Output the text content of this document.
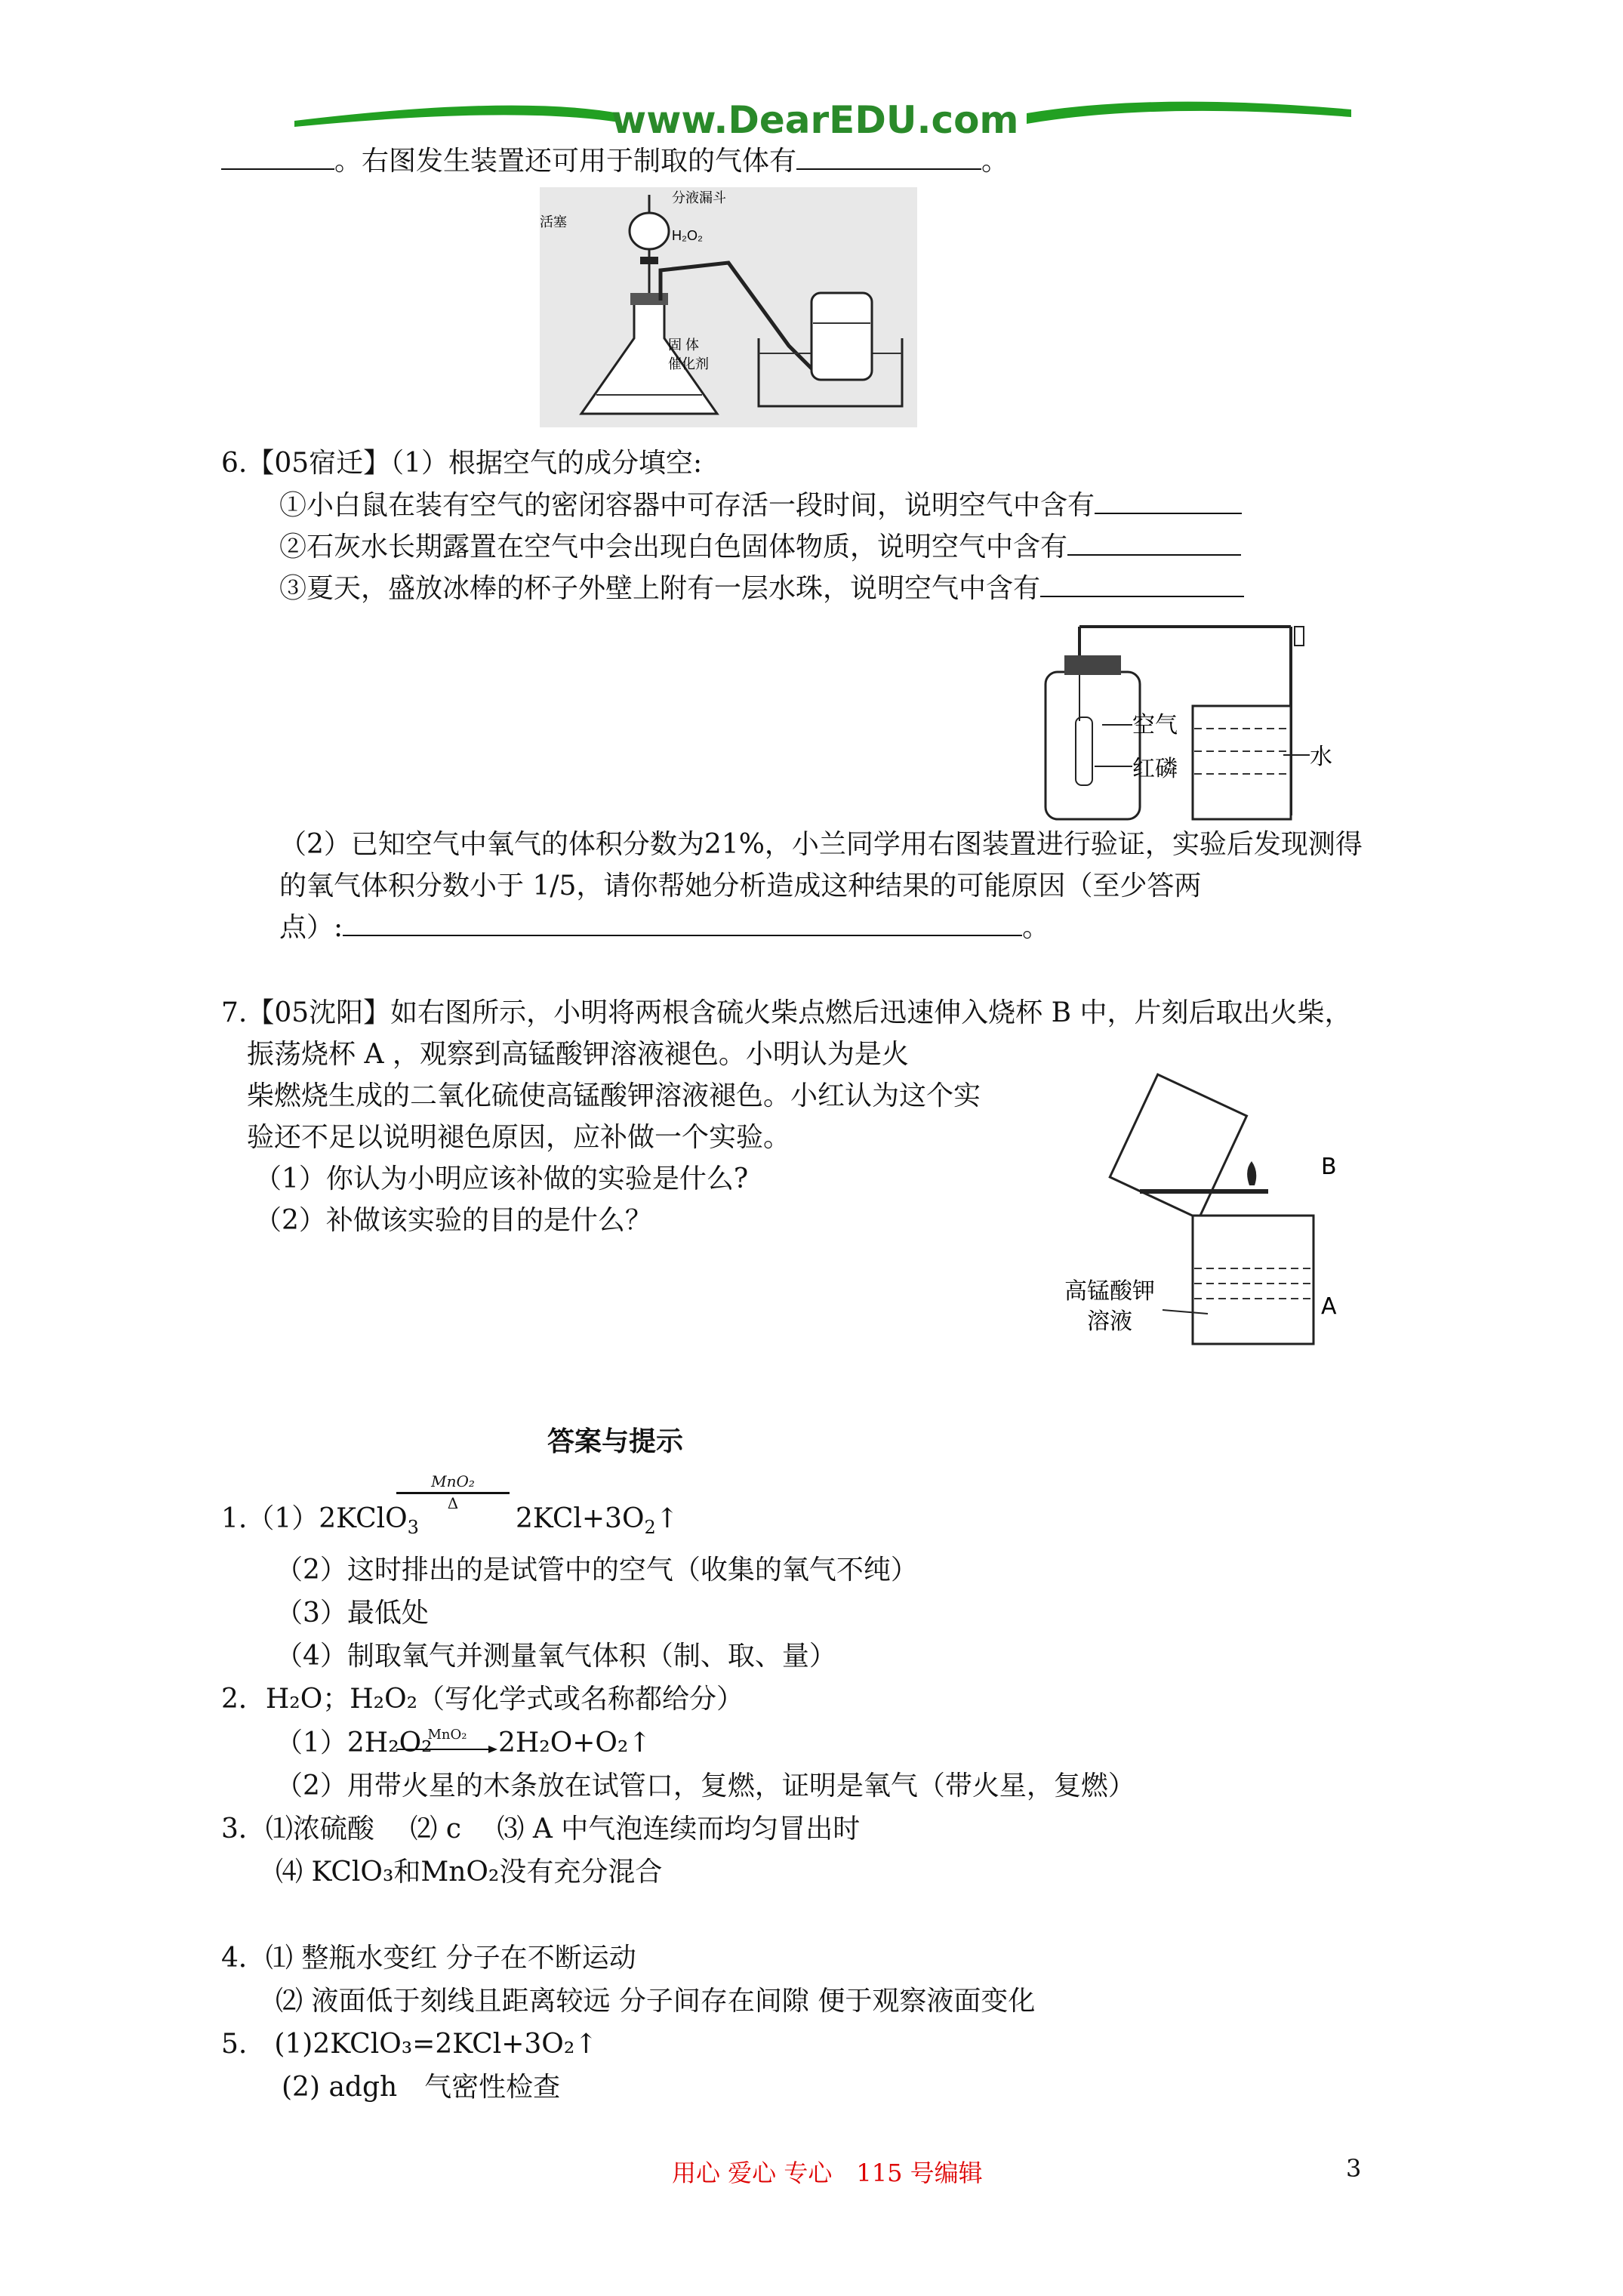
www.DearEDU.com
。右图发生装置还可用于制取的气体有	。
分液漏斗
活塞
H₂O₂
固 体
催化剂
6.【05宿迁】（1）根据空气的成分填空:
①小白鼠在装有空气的密闭容器中可存活一段时间，说明空气中含有
②石灰水长期露置在空气中会出现白色固体物质，说明空气中含有
③夏天，盛放冰棒的杯子外壁上附有一层水珠，说明空气中含有
空气
红磷	水
（2）已知空气中氧气的体积分数为21%，小兰同学用右图装置进行验证，实验后发现测得
的氧气体积分数小于 1/5，请你帮她分析造成这种结果的可能原因（至少答两
点）:	。
7.【05沈阳】如右图所示，小明将两根含硫火柴点燃后迅速伸入烧杯 B 中，片刻后取出火柴，
振荡烧杯 A ，观察到高锰酸钾溶液褪色。小明认为是火
柴燃烧生成的二氧化硫使高锰酸钾溶液褪色。小红认为这个实
验还不足以说明褪色原因，应补做一个实验。
（1）你认为小明应该补做的实验是什么?
（2）补做该实验的目的是什么？
B
A
高锰酸钾
溶液
答案与提示
1.（1）2KClO$_3$
MnO₂
Δ	$2KCl+3O_2↑$
（2）这时排出的是试管中的空气（收集的氧气不纯）
（3）最低处
（4）制取氧气并测量氧气体积（制、取、量）
2．H₂O；H₂O₂（写化学式或名称都给分）
（1）2H₂O₂
MnO₂	2H₂O+O₂↑
（2）用带火星的木条放在试管口，复燃，证明是氧气（带火星，复燃）
3．⑴浓硫酸　 ⑵ c　 ⑶ A 中气泡连续而均匀冒出时
⑷ KClO₃和MnO₂没有充分混合
4．⑴ 整瓶水变红 分子在不断运动
⑵ 液面低于刻线且距离较远 分子间存在间隙 便于观察液面变化
5.　(1)2KClO₃=2KCl+3O₂↑
(2) adgh　气密性检查
用心 爱心 专心　115 号编辑	3
